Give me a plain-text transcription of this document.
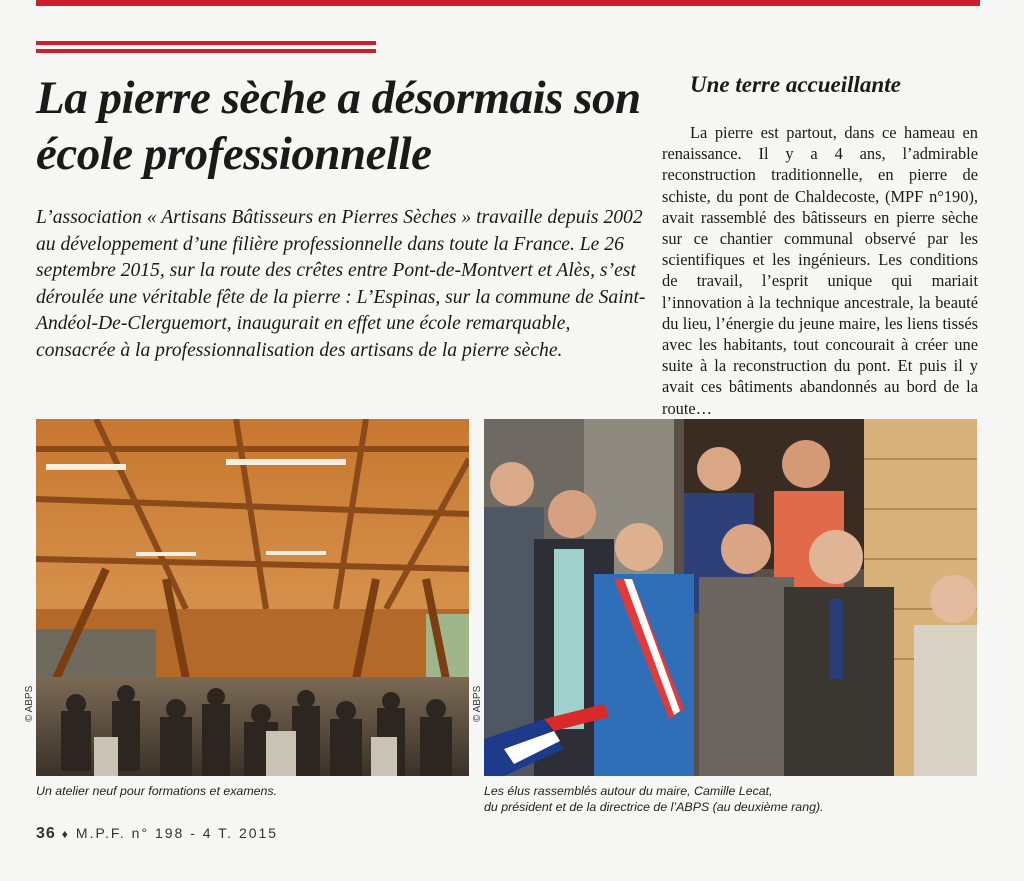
La pierre sèche a désormais son école professionnelle

L’association « Artisans Bâtisseurs en Pierres Sèches » travaille depuis 2002 au développement d’une filière professionnelle dans toute la France. Le 26 septembre 2015, sur la route des crêtes entre Pont-de-Montvert et Alès, s’est déroulée une véritable fête de la pierre : L’Espinas, sur la commune de Saint-Andéol-De-Clerguemort, inaugurait en effet une école remarquable, consacrée à la professionnalisation des artisans de la pierre sèche.

Une terre accueillante

La pierre est partout, dans ce hameau en renaissance. Il y a 4 ans, l’admirable reconstruction traditionnelle, en pierre de schiste, du pont de Chaldecoste, (MPF n°190), avait rassemblé des bâtisseurs en pierre sèche sur ce chantier communal observé par les scientifiques et les ingénieurs. Les conditions de travail, l’esprit unique qui mariait l’innovation à la technique ancestrale, la beauté du lieu, l’énergie du jeune maire, les liens tissés avec les habitants, tout concourait à créer une suite à la reconstruction du pont. Et puis il y avait ces bâtiments abandonnés au bord de la route…

© ABPS	© ABPS
Un atelier neuf pour formations et examens.	Les élus rassemblés autour du maire, Camille Lecat,
du président et de la directrice de l’ABPS (au deuxième rang).
36 ♦ M.P.F. n° 198 - 4 T. 2015
